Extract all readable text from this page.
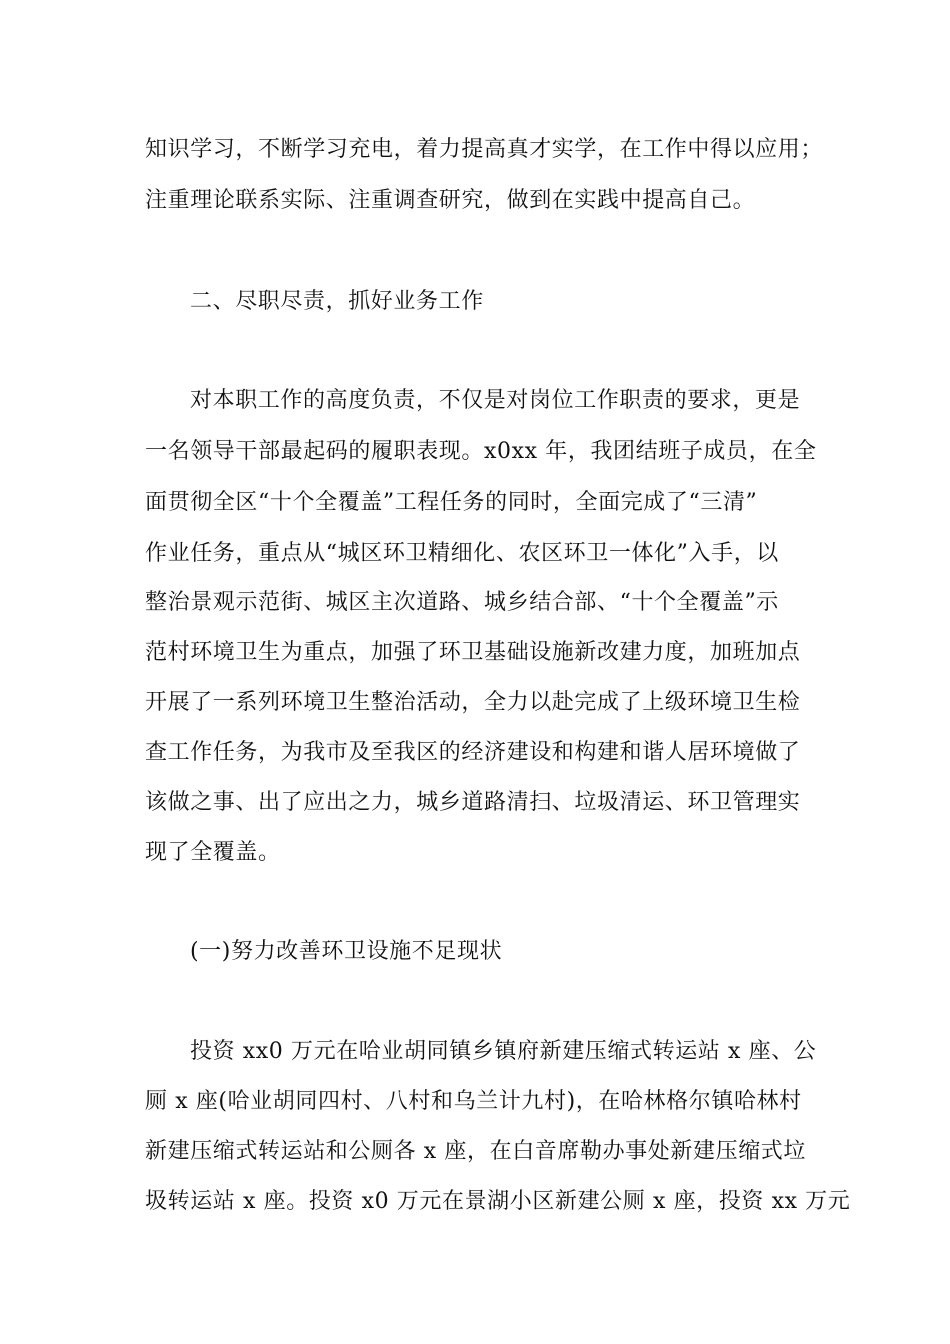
知识学习，不断学习充电，着力提高真才实学，在工作中得以应用；
注重理论联系实际、注重调查研究，做到在实践中提高自己。
二、尽职尽责，抓好业务工作
对本职工作的高度负责，不仅是对岗位工作职责的要求，更是
一名领导干部最起码的履职表现。x0xx 年，我团结班子成员，在全
面贯彻全区“十个全覆盖”工程任务的同时，全面完成了“三清”
作业任务，重点从“城区环卫精细化、农区环卫一体化”入手，以
整治景观示范街、城区主次道路、城乡结合部、“十个全覆盖”示
范村环境卫生为重点，加强了环卫基础设施新改建力度，加班加点
开展了一系列环境卫生整治活动，全力以赴完成了上级环境卫生检
查工作任务，为我市及至我区的经济建设和构建和谐人居环境做了
该做之事、出了应出之力，城乡道路清扫、垃圾清运、环卫管理实
现了全覆盖。
(一)努力改善环卫设施不足现状
投资 xx0 万元在哈业胡同镇乡镇府新建压缩式转运站 x 座、公
厕 x 座(哈业胡同四村、八村和乌兰计九村)，在哈林格尔镇哈林村
新建压缩式转运站和公厕各 x 座，在白音席勒办事处新建压缩式垃
圾转运站 x 座。投资 x0 万元在景湖小区新建公厕 x 座，投资 xx 万元
